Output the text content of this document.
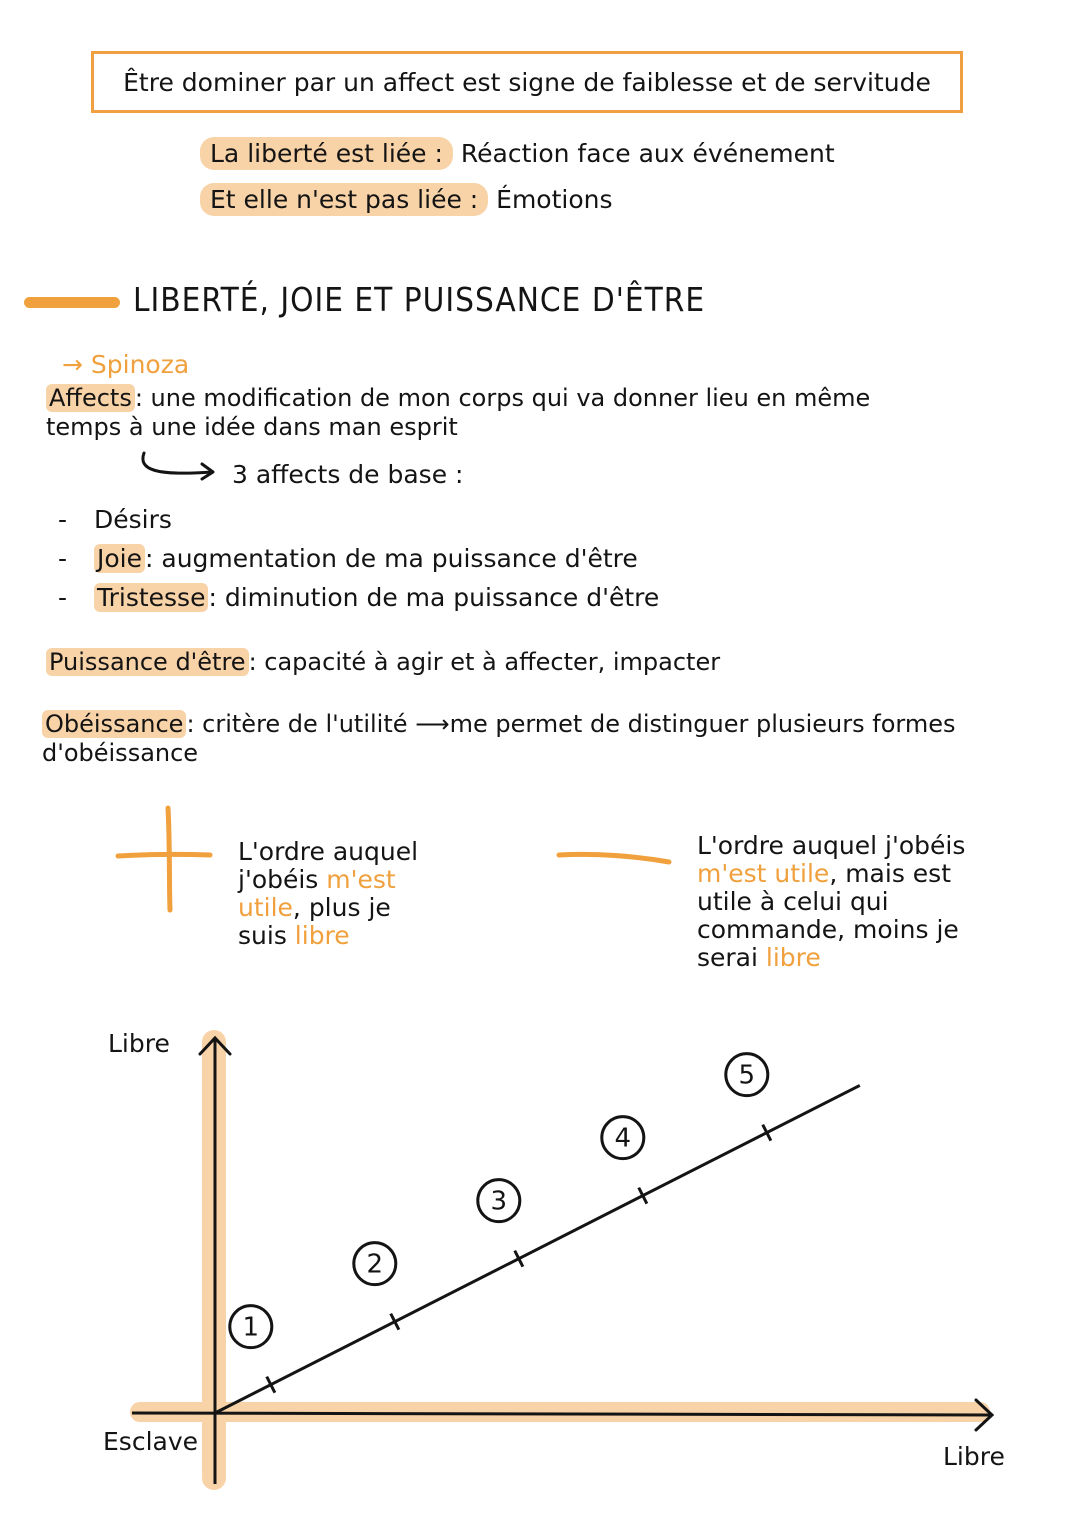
Être dominer par un affect est signe de faiblesse et de servitude
La liberté est liée : Réaction face aux événement
Et elle n'est pas liée : Émotions
LIBERTÉ, JOIE ET PUISSANCE D'ÊTRE
→ Spinoza
Affects : une modification de mon corps qui va donner lieu en même
temps à une idée dans man esprit
3 affects de base :
- Désirs
- Joie : augmentation de ma puissance d'être
- Tristesse : diminution de ma puissance d'être
Puissance d'être : capacité à agir et à affecter, impacter
Obéissance : critère de l'utilité ⟶me permet de distinguer plusieurs formes
d'obéissance
L'ordre auquel
j'obéis m'est
utile, plus je
suis libre
L'ordre auquel j'obéis
m'est utile, mais est
utile à celui qui
commande, moins je
serai libre
1
2
3
4
5
Libre
Libre
Esclave
